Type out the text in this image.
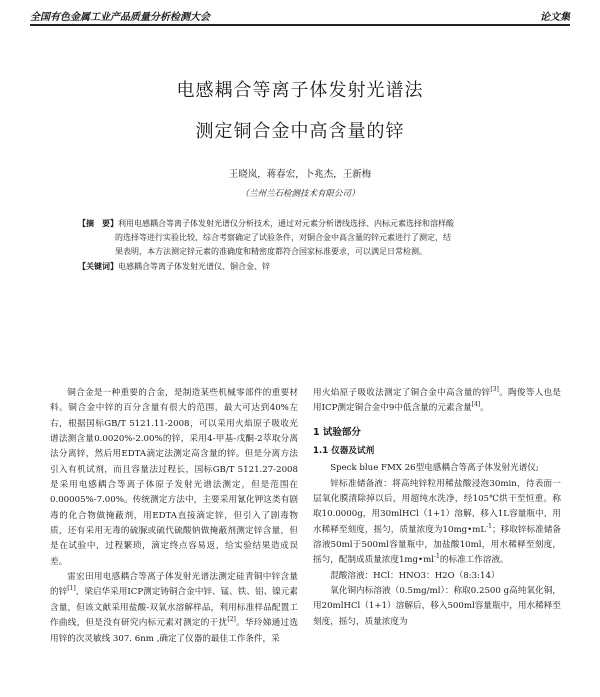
全国有色金属工业产品质量分析检测大会	论文集
电感耦合等离子体发射光谱法
测定铜合金中高含量的锌
王晓岚，蒋春宏，卜兆杰，王新梅
（兰州兰石检测技术有限公司）

【摘　要】利用电感耦合等离子体发射光谱仪分析技术，通过对元素分析谱线选择、内标元素选择和溶样酸

的选择等进行实验比较，综合考察确定了试验条件，对铜合金中高含量的锌元素进行了测定，结

果表明，本方法测定锌元素的准确度和精密度都符合国家标准要求，可以满足日常检测。

【关键词】电感耦合等离子体发射光谱仪、铜合金、锌

铜合金是一种重要的合金，是制造某些机械零部件的重要材料。铜合金中锌的百分含量有很大的范围，最大可达到40%左右，根据国标GB/T 5121.11-2008，可以采用火焰原子吸收光谱法测含量0.0020%-2.00%的锌，采用4-甲基-戊酮-2萃取分离法分离锌，然后用EDTA滴定法测定高含量的锌。但是分离方法引入有机试剂，而且容量法过程长，国标GB/T 5121.27-2008是采用电感耦合等离子体原子发射光谱法测定，但是范围在0.00005%-7.00%。传统测定方法中，主要采用氰化钾这类有剧毒的化合物做掩蔽剂，用EDTA直接滴定锌，但引入了剧毒物质，还有采用无毒的硫脲或硫代硫酸钠做掩蔽剂测定锌含量，但是在试验中，过程繁琐，滴定终点容易返，给实验结果造成误差。

雷宏田用电感耦合等离子体发射光谱法测定硅青铜中锌含量的锌[1]，梁启华采用ICP测定铸铜合金中锌、锰、铁、铝、镍元素含量，但该文献采用盐酸-双氧水溶解样品，利用标准样品配置工作曲线，但是没有研究内标元素对测定的干扰[2]。华玲娣通过选用锌的次灵敏线 307. 6nm ,确定了仪器的最佳工作条件，采

用火焰原子吸收法测定了铜合金中高含量的锌[3]。陶俊等人也是用ICP测定铜合金中9中低含量的元素含量[4]。

1 试验部分

1.1 仪器及试剂

Speck blue FMX 26型电感耦合等离子体发射光谱仪;

锌标准储备液：将高纯锌粒用稀盐酸浸泡30min，待表面一层氧化膜清除掉以后，用超纯水洗净，经105℃烘干至恒重。称取10.0000g，用30mlHCl（1+1）溶解，移入1L容量瓶中，用水稀释至刻度，摇匀，质量浓度为$10mg•mL^{-1}$；移取锌标准储备溶液50ml于500ml容量瓶中，加盐酸10ml，用水稀释至刻度，摇匀，配制成质量浓度$1mg•ml^{-1}$的标准工作溶液。

混酸溶液：HCl：HNO3：H2O（8:3:14）

氧化铜内标溶液（0.5mg/ml）：称取0.2500 g高纯氧化铜，用20mlHCl（1+1）溶解后，移入500ml容量瓶中，用水稀释至刻度，摇匀，质量浓度为
